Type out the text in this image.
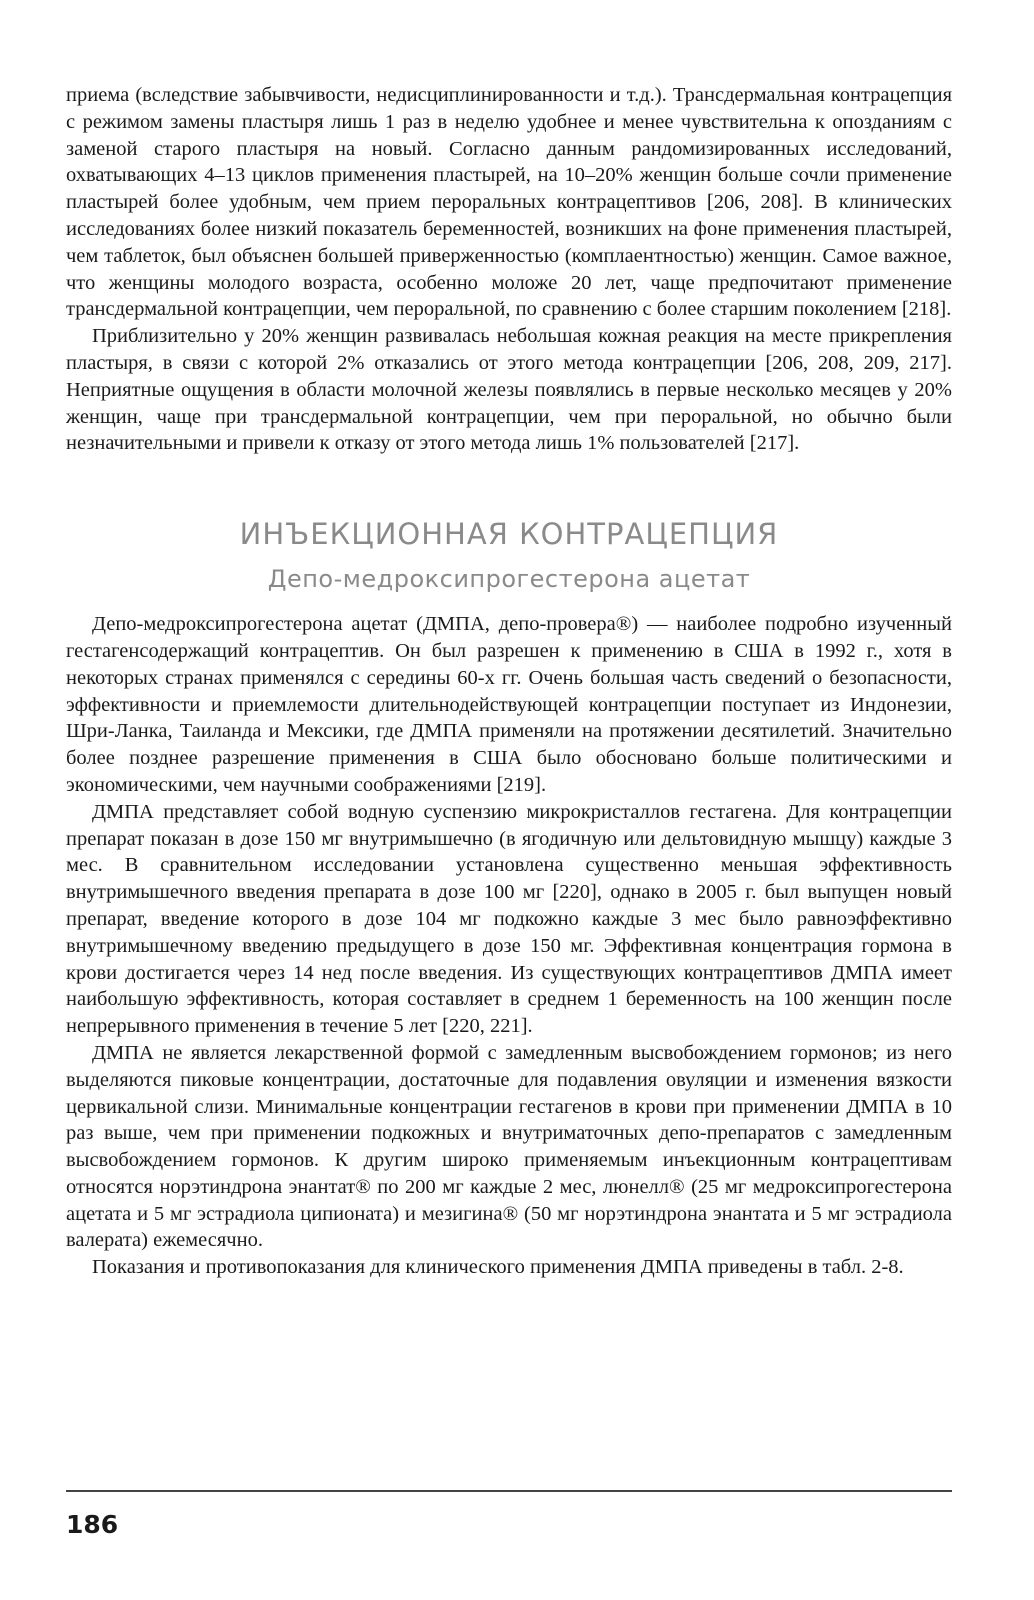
приема (вследствие забывчивости, недисциплинированности и т.д.). Трансдермальная контрацепция с режимом замены пластыря лишь 1 раз в неделю удобнее и менее чувствительна к опозданиям с заменой старого пластыря на новый. Согласно данным рандомизированных исследований, охватывающих 4–13 циклов применения пластырей, на 10–20% женщин больше сочли применение пластырей более удобным, чем прием пероральных контрацептивов [206, 208]. В клинических исследованиях более низкий показатель беременностей, возникших на фоне применения пластырей, чем таблеток, был объяснен большей приверженностью (комплаентностью) женщин. Самое важное, что женщины молодого возраста, особенно моложе 20 лет, чаще предпочитают применение трансдермальной контрацепции, чем пероральной, по сравнению с более старшим поколением [218].

Приблизительно у 20% женщин развивалась небольшая кожная реакция на месте прикрепления пластыря, в связи с которой 2% отказались от этого метода контрацепции [206, 208, 209, 217]. Неприятные ощущения в области молочной железы появлялись в первые несколько месяцев у 20% женщин, чаще при трансдермальной контрацепции, чем при пероральной, но обычно были незначительными и привели к отказу от этого метода лишь 1% пользователей [217].

ИНЪЕКЦИОННАЯ КОНТРАЦЕПЦИЯ
Депо-медроксипрогестерона ацетат

Депо-медроксипрогестерона ацетат (ДМПА, депо-провера®) — наиболее подробно изученный гестагенсодержащий контрацептив. Он был разрешен к применению в США в 1992 г., хотя в некоторых странах применялся с середины 60-х гг. Очень большая часть сведений о безопасности, эффективности и приемлемости длительнодействующей контрацепции поступает из Индонезии, Шри-Ланка, Таиланда и Мексики, где ДМПА применяли на протяжении десятилетий. Значительно более позднее разрешение применения в США было обосновано больше политическими и экономическими, чем научными соображениями [219].

ДМПА представляет собой водную суспензию микрокристаллов гестагена. Для контрацепции препарат показан в дозе 150 мг внутримышечно (в ягодичную или дельтовидную мышцу) каждые 3 мес. В сравнительном исследовании установлена существенно меньшая эффективность внутримышечного введения препарата в дозе 100 мг [220], однако в 2005 г. был выпущен новый препарат, введение которого в дозе 104 мг подкожно каждые 3 мес было равноэффективно внутримышечному введению предыдущего в дозе 150 мг. Эффективная концентрация гормона в крови достигается через 14 нед после введения. Из существующих контрацептивов ДМПА имеет наибольшую эффективность, которая составляет в среднем 1 беременность на 100 женщин после непрерывного применения в течение 5 лет [220, 221].

ДМПА не является лекарственной формой с замедленным высвобождением гормонов; из него выделяются пиковые концентрации, достаточные для подавления овуляции и изменения вязкости цервикальной слизи. Минимальные концентрации гестагенов в крови при применении ДМПА в 10 раз выше, чем при применении подкожных и внутриматочных депо-препаратов с замедленным высвобождением гормонов. К другим широко применяемым инъекционным контрацептивам относятся норэтиндрона энантат® по 200 мг каждые 2 мес, люнелл® (25 мг медроксипрогестерона ацетата и 5 мг эстрадиола ципионата) и мезигина® (50 мг норэтиндрона энантата и 5 мг эстрадиола валерата) ежемесячно.

Показания и противопоказания для клинического применения ДМПА приведены в табл. 2-8.

186
